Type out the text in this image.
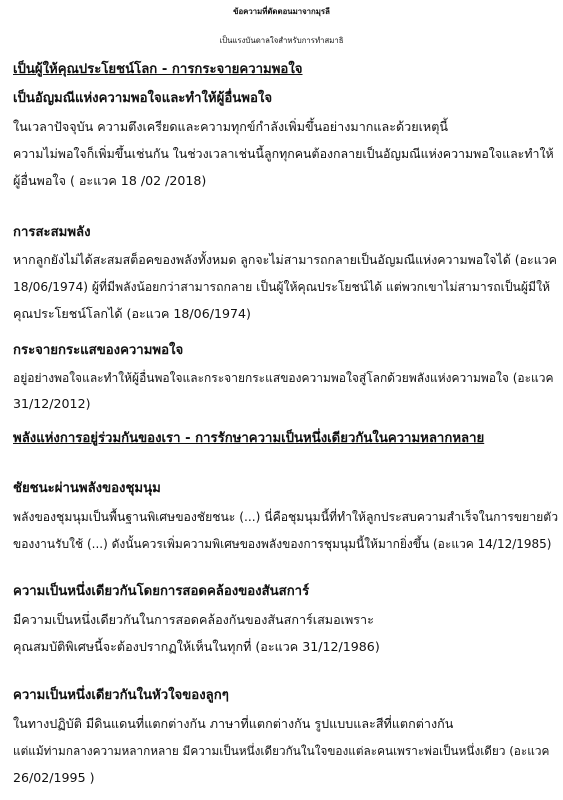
ข้อความที่ตัดตอนมาจากมุรลี
เป็นแรงบันดาลใจสำหรับการทำสมาธิ
เป็นผู้ให้คุณประโยชน์โลก - การกระจายความพอใจ
เป็นอัญมณีแห่งความพอใจและทำให้ผู้อื่นพอใจ
ในเวลาปัจจุบัน ความตึงเครียดและความทุกข์กำลังเพิ่มขึ้นอย่างมากและด้วยเหตุนี้
ความไม่พอใจก็เพิ่มขึ้นเช่นกัน ในช่วงเวลาเช่นนี้ลูกทุกคนต้องกลายเป็นอัญมณีแห่งความพอใจและทำให้
ผู้อื่นพอใจ ( อะแวค 18 /02 /2018)
การสะสมพลัง
หากลูกยังไม่ได้สะสมสต็อคของพลังทั้งหมด ลูกจะไม่สามารถกลายเป็นอัญมณีแห่งความพอใจได้ (อะแวค
18/06/1974) ผู้ที่มีพลังน้อยกว่าสามารถกลาย เป็นผู้ให้คุณประโยชน์ได้ แต่พวกเขาไม่สามารถเป็นผู้มีให้
คุณประโยชน์โลกได้ (อะแวค 18/06/1974)
กระจายกระแสของความพอใจ
อยู่อย่างพอใจและทำให้ผู้อื่นพอใจและกระจายกระแสของความพอใจสู่โลกด้วยพลังแห่งความพอใจ (อะแวค
31/12/2012)
พลังแห่งการอยู่ร่วมกันของเรา - การรักษาความเป็นหนึ่งเดียวกันในความหลากหลาย
ชัยชนะผ่านพลังของชุมนุม
พลังของชุมนุมเป็นพื้นฐานพิเศษของชัยชนะ (...) นี่คือชุมนุมนี้ที่ทำให้ลูกประสบความสำเร็จในการขยายตัว
ของงานรับใช้ (...) ดังนั้นควรเพิ่มความพิเศษของพลังของการชุมนุมนี้ให้มากยิ่งขึ้น (อะแวค 14/12/1985)
ความเป็นหนึ่งเดียวกันโดยการสอดคล้องของสันสการ์
มีความเป็นหนึ่งเดียวกันในการสอดคล้องกันของสันสการ์เสมอเพราะ
คุณสมบัติพิเศษนี้จะต้องปรากฏให้เห็นในทุกที่ (อะแวค 31/12/1986)
ความเป็นหนึ่งเดียวกันในหัวใจของลูกๆ
ในทางปฏิบัติ มีดินแดนที่แตกต่างกัน ภาษาที่แตกต่างกัน รูปแบบและสีที่แตกต่างกัน
แต่แม้ท่ามกลางความหลากหลาย มีความเป็นหนึ่งเดียวกันในใจของแต่ละคนเพราะพ่อเป็นหนึ่งเดียว (อะแวค
26/02/1995 )
